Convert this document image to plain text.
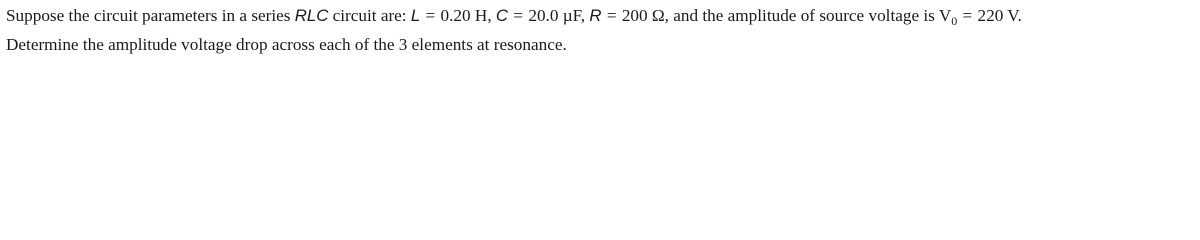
Suppose the circuit parameters in a series RLC circuit are: L = 0.20 H, C = 20.0 µF, R = 200 Ω, and the amplitude of source voltage is $V_0 = 220$ V.
Determine the amplitude voltage drop across each of the 3 elements at resonance.
